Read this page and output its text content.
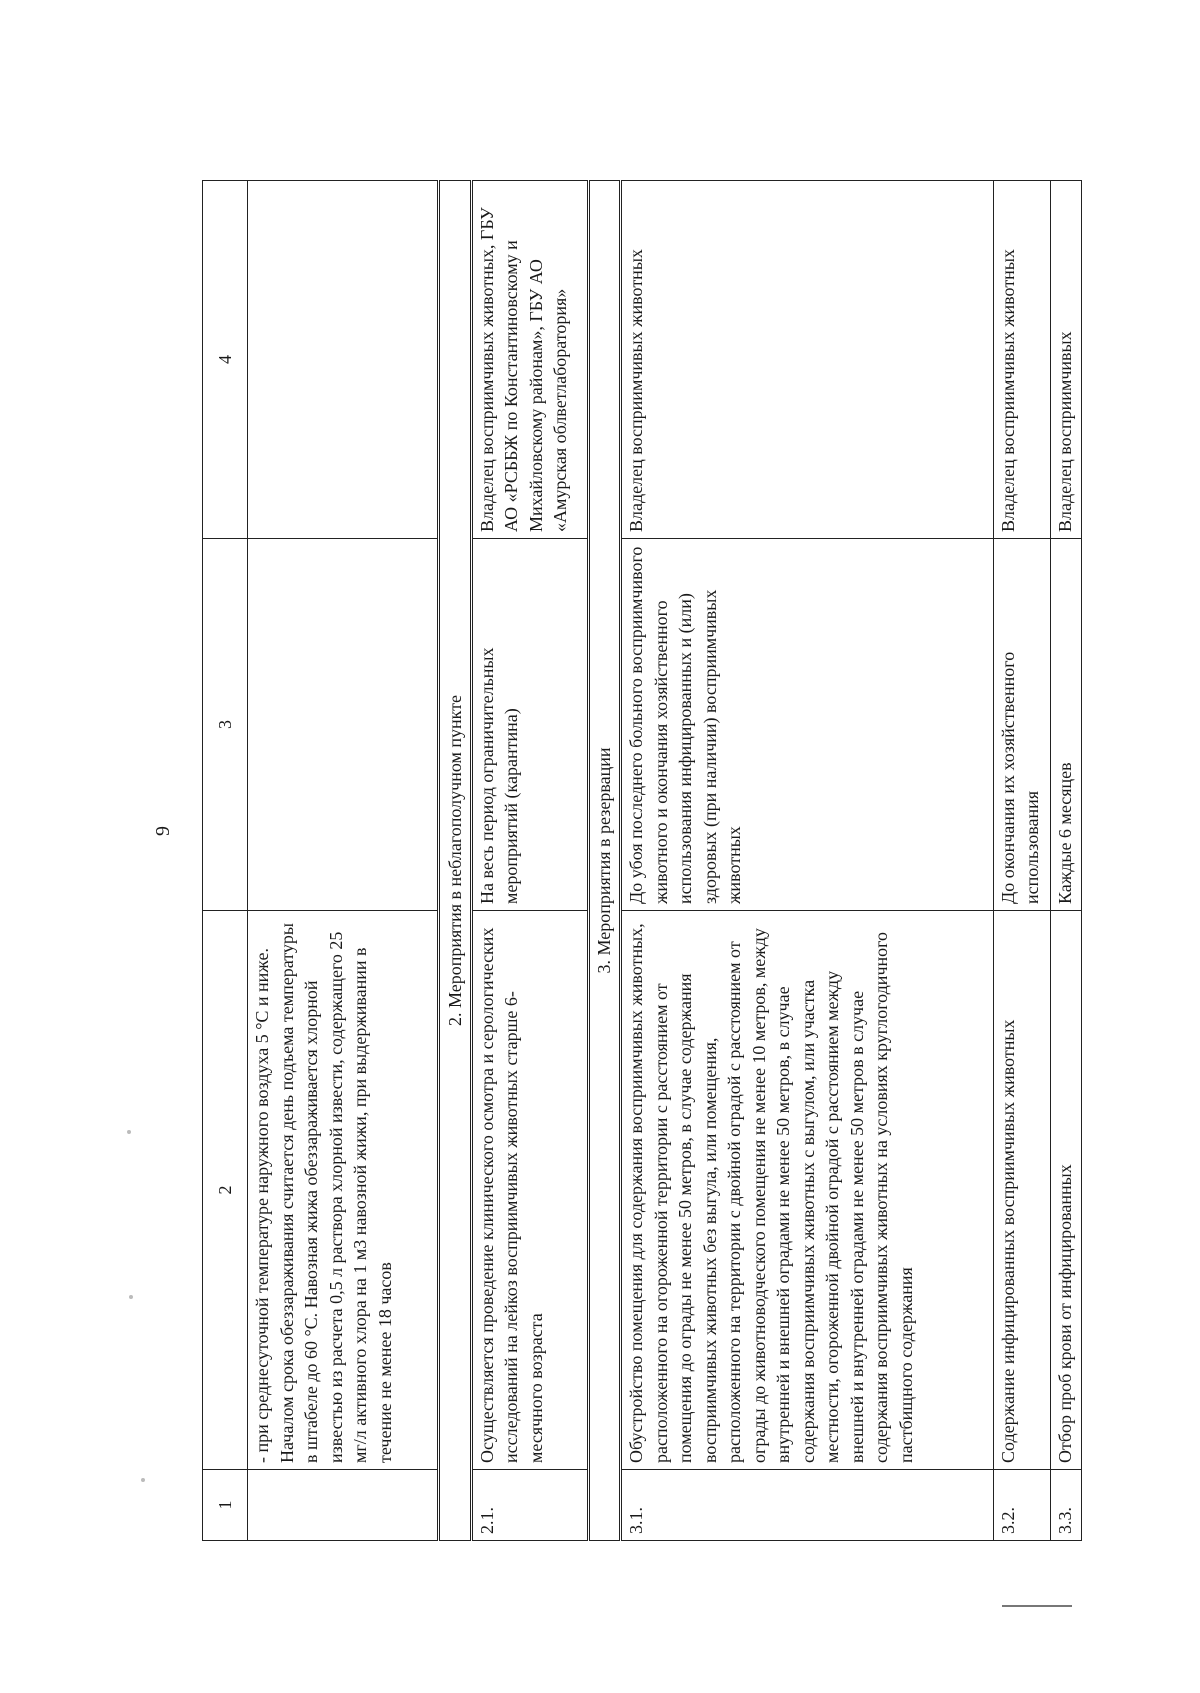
9
1	2	3	4
	- при среднесуточной температуре наружного воздуха 5 °С и ниже. Началом срока обеззараживания считается день подъема температуры в штабеле до 60 °С. Навозная жижа обеззараживается хлорной известью из расчета 0,5 л раствора хлорной извести, содержащего 25 мг/л активного хлора на 1 м3 навозной жижи, при выдерживании в течение не менее 18 часов		
2. Мероприятия в неблагополучном пункте			
2.1.	Осуществляется проведение клинического осмотра и серологических исследований на лейкоз восприимчивых животных старше 6-месячного возраста	На весь период ограничительных мероприятий (карантина)	Владелец восприимчивых животных, ГБУ АО «РСББЖ по Константиновскому и Михайловскому районам», ГБУ АО «Амурская облветлаборатория»
3. Мероприятия в резервации			
3.1.	Обустройство помещения для содержания восприимчивых животных, расположенного на огороженной территории с расстоянием от помещения до ограды не менее 50 метров, в случае содержания восприимчивых животных без выгула, или помещения, расположенного на территории с двойной оградой с расстоянием от ограды до животноводческого помещения не менее 10 метров, между внутренней и внешней оградами не менее 50 метров, в случае содержания восприимчивых животных с выгулом, или участка местности, огороженной двойной оградой с расстоянием между внешней и внутренней оградами не менее 50 метров в случае содержания восприимчивых животных на условиях круглогодичного пастбищного содержания	До убоя последнего больного восприимчивого животного и окончания хозяйственного использования инфицированных и (или) здоровых (при наличии) восприимчивых животных	Владелец восприимчивых животных
3.2.	Содержание инфицированных восприимчивых животных	До окончания их хозяйственного использования	Владелец восприимчивых животных
3.3.	Отбор проб крови от инфицированных	Каждые 6 месяцев	Владелец восприимчивых
